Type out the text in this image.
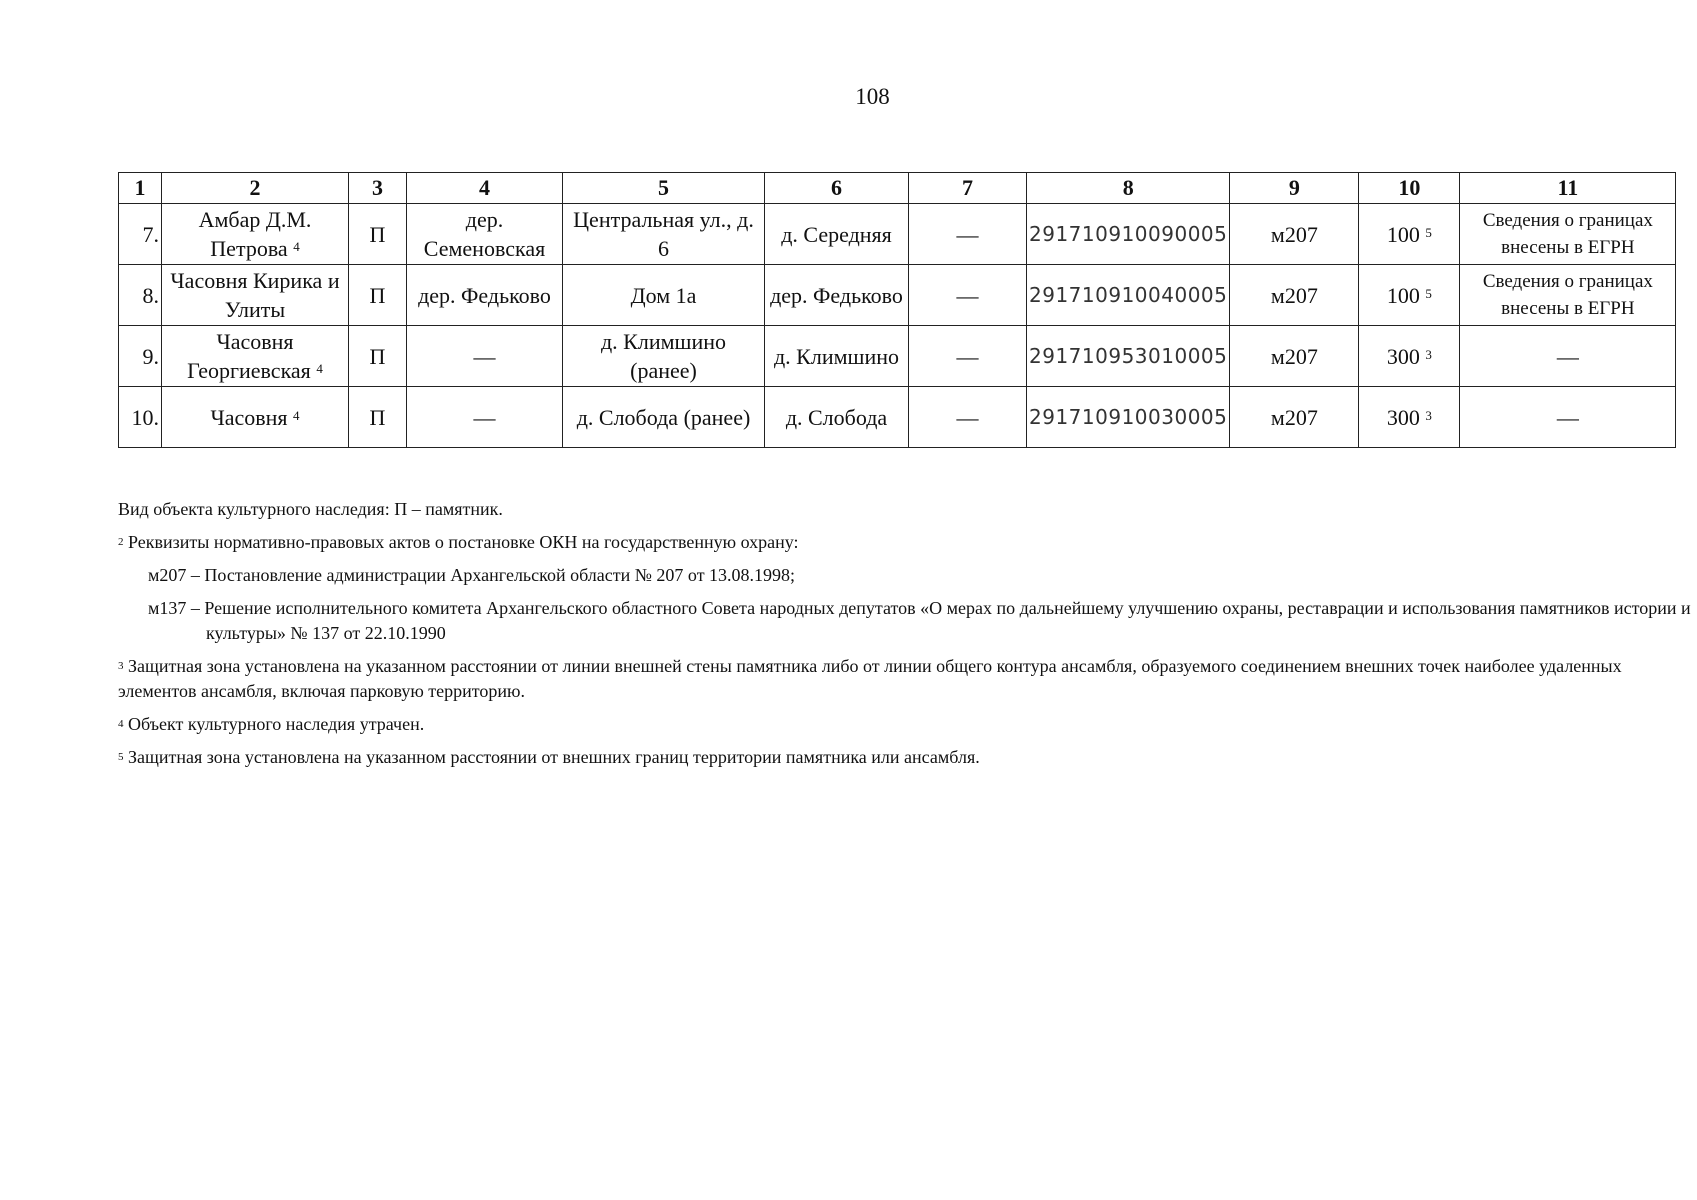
108
1	2	3	4	5	6	7	8	9	10	11
7.	Амбар Д.М. Петрова $^4$	П	дер. Семеновская	Центральная ул., д. 6	д. Середняя	—	291710910090005	м207	100 $^5$	Сведения о границах внесены в ЕГРН
8.	Часовня Кирика и Улиты	П	дер. Федьково	Дом 1а	дер. Федьково	—	291710910040005	м207	100 $^5$	Сведения о границах внесены в ЕГРН
9.	Часовня Георгиевская $^4$	П	—	д. Климшино (ранее)	д. Климшино	—	291710953010005	м207	300 $^3$	—
10.	Часовня $^4$	П	—	д. Слобода (ранее)	д. Слобода	—	291710910030005	м207	300 $^3$	—

Вид объекта культурного наследия: П – памятник.

$^2$ Реквизиты нормативно-правовых актов о постановке ОКН на государственную охрану:

м207 – Постановление администрации Архангельской области № 207 от 13.08.1998;

м137 – Решение исполнительного комитета Архангельского областного Совета народных депутатов «О мерах по дальнейшему улучшению охраны, реставрации и использования памятников истории и культуры» № 137 от 22.10.1990

$^3$ Защитная зона установлена на указанном расстоянии от линии внешней стены памятника либо от линии общего контура ансамбля, образуемого соединением внешних точек наиболее удаленных элементов ансамбля, включая парковую территорию.

$^4$ Объект культурного наследия утрачен.

$^5$ Защитная зона установлена на указанном расстоянии от внешних границ территории памятника или ансамбля.
